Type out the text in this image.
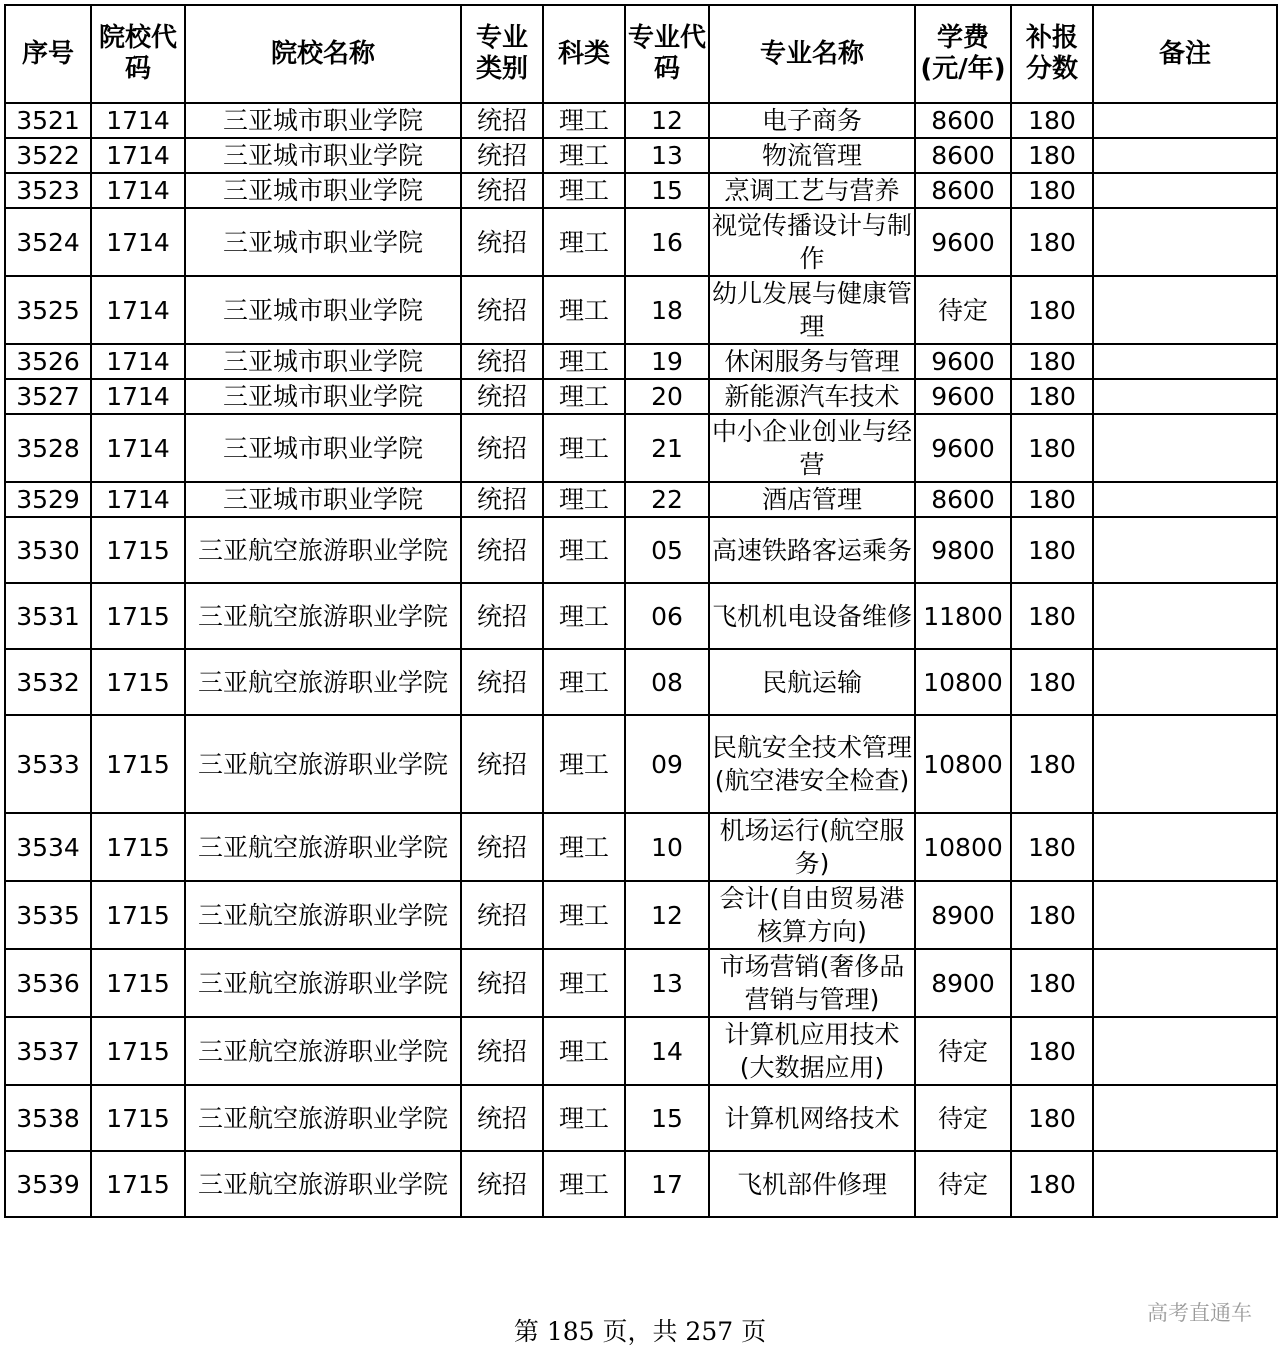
序号	院校代码	院校名称	专业类别	科类	专业代码	专业名称	学费(元/年)	补报分数	备注
3521	1714	三亚城市职业学院	统招	理工	12	电子商务	8600	180	
3522	1714	三亚城市职业学院	统招	理工	13	物流管理	8600	180	
3523	1714	三亚城市职业学院	统招	理工	15	烹调工艺与营养	8600	180	
3524	1714	三亚城市职业学院	统招	理工	16	视觉传播设计与制作	9600	180	
3525	1714	三亚城市职业学院	统招	理工	18	幼儿发展与健康管理	待定	180	
3526	1714	三亚城市职业学院	统招	理工	19	休闲服务与管理	9600	180	
3527	1714	三亚城市职业学院	统招	理工	20	新能源汽车技术	9600	180	
3528	1714	三亚城市职业学院	统招	理工	21	中小企业创业与经营	9600	180	
3529	1714	三亚城市职业学院	统招	理工	22	酒店管理	8600	180	
3530	1715	三亚航空旅游职业学院	统招	理工	05	高速铁路客运乘务	9800	180	
3531	1715	三亚航空旅游职业学院	统招	理工	06	飞机机电设备维修	11800	180	
3532	1715	三亚航空旅游职业学院	统招	理工	08	民航运输	10800	180	
3533	1715	三亚航空旅游职业学院	统招	理工	09	民航安全技术管理(航空港安全检查)	10800	180	
3534	1715	三亚航空旅游职业学院	统招	理工	10	机场运行(航空服务)	10800	180	
3535	1715	三亚航空旅游职业学院	统招	理工	12	会计(自由贸易港核算方向)	8900	180	
3536	1715	三亚航空旅游职业学院	统招	理工	13	市场营销(奢侈品营销与管理)	8900	180	
3537	1715	三亚航空旅游职业学院	统招	理工	14	计算机应用技术(大数据应用)	待定	180	
3538	1715	三亚航空旅游职业学院	统招	理工	15	计算机网络技术	待定	180	
3539	1715	三亚航空旅游职业学院	统招	理工	17	飞机部件修理	待定	180	
高考直通车
第 185 页，共 257 页
